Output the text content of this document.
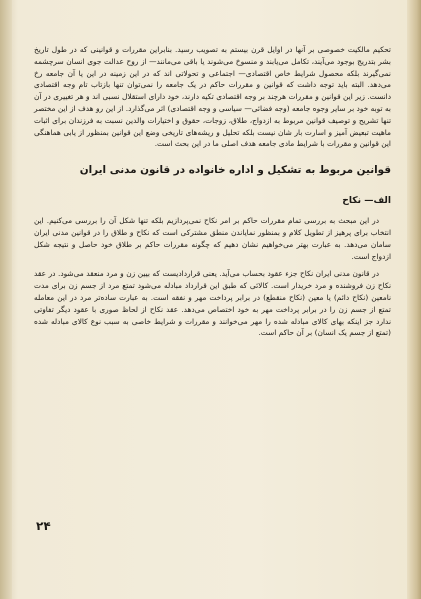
تحکیم مالکیت خصوصی بر آنها در اوایل قرن بیستم به تصویب رسید. بنابراین مقررات و قوانینی که در طول تاریخ بشر بتدریج بوجود می‌آیند، تکامل می‌یابند و منسوخ می‌شوند یا باقی می‌مانند— از روح عدالت جوی انسان سرچشمه نمی‌گیرند بلکه محصول شرایط خاص اقتصادی— اجتماعی و تحولاتی اند که در این زمینه در این یا آن جامعه رخ می‌دهد. البته باید توجه داشت که قوانین و مقررات حاکم در یک جامعه را نمی‌توان تنها بازتاب تام وجه اقتصادی دانست. زیر این قوانین و مقررات هرچند بر وجه اقتصادی تکیه دارند، خود دارای استقلال نسبی اند و هر تغییری در آن به توبه خود بر سایر وجوه جامعه (وجه فضائی— سیاسی و وجه اقتصادی) اثر می‌گذارد. از این رو هدف از این مختصر تنها تشریح و توصیف قوانین مربوط به ازدواج، طلاق، زوجات، حقوق و اختیارات والدین نسبت به فرزندان برای اثبات ماهیت تبعیض آمیز و اسارت بار شان نیست بلکه تحلیل و ریشه‌های تاریخی وضع این قوانین بمنظور از یابی هماهنگی این قوانین و مقررات با شرایط مادی جامعه هدف اصلی ما در این بحث است.

قوانین مربوط به تشکیل و اداره خانواده در قانون مدنی ایران
الف— نکاح

در این مبحث به بررسی تمام مقررات حاکم بر امر نکاح نمی‌پردازیم بلکه تنها شکل آن را بررسی می‌کنیم. این انتخاب برای پرهیز از تطویل کلام و بمنظور نمایاندن منطق مشترکی است که نکاح و طلاق را در قوانین مدنی ایران سامان می‌دهد. به عبارت بهتر می‌خواهیم نشان دهیم که چگونه مقررات حاکم بر طلاق خود حاصل و نتیجه شکل ازدواج است.

در قانون مدنی ایران نکاح جزء عقود بحساب می‌آید. یعنی قراردادیست که بیین زن و مرد منعقد می‌شود. در عقد نکاح زن فروشنده و مرد خریدار است. کالائی که طبق این قرارداد مبادله می‌شود تمتع مرد از جسم زن برای مدت نامعین (نکاح دائم) یا معین (نکاح منقطع) در برابر پرداخت مهر و نفقه است. به عبارت ساده‌تر مرد در این معامله تمتع از جسم زن را در برابر پرداخت مهر به خود اختصاص می‌دهد. عقد نکاح از لحاظ صوری با عقود دیگر تفاوتی ندارد جز اینکه بهای کالای مبادله شده را مهر می‌خوانند و مقررات و شرایط خاصی به سبب نوع کالای مبادله شده (تمتع از جسم یک انسان) بر آن حاکم است.

۲۴
